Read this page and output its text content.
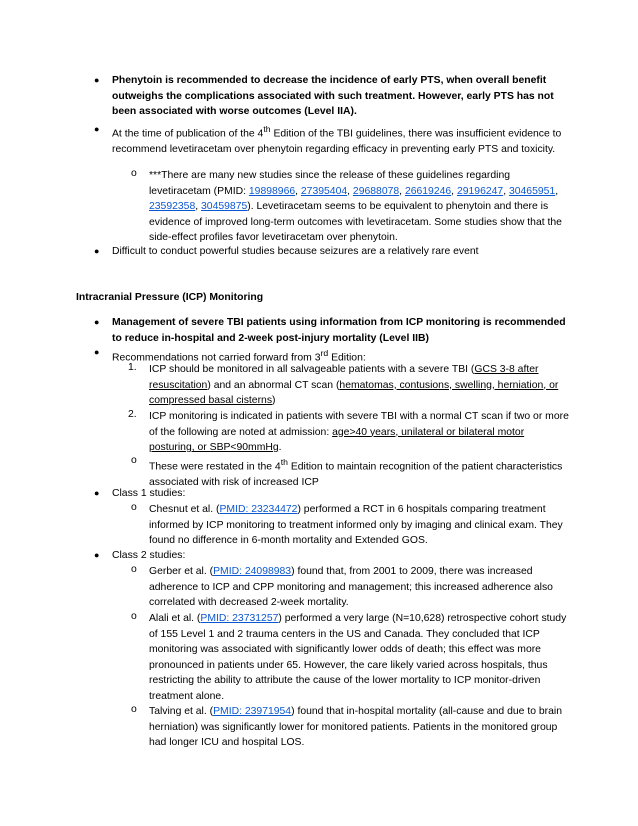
● Phenytoin is recommended to decrease the incidence of early PTS, when overall benefit outweighs the complications associated with such treatment. However, early PTS has not been associated with worse outcomes (Level IIA).
● At the time of publication of the 4th Edition of the TBI guidelines, there was insufficient evidence to recommend levetiracetam over phenytoin regarding efficacy in preventing early PTS and toxicity.
o ***There are many new studies since the release of these guidelines regarding levetiracetam (PMID: 19898966, 27395404, 29688078, 26619246, 29196247, 30465951, 23592358, 30459875). Levetiracetam seems to be equivalent to phenytoin and there is evidence of improved long-term outcomes with levetiracetam. Some studies show that the side-effect profiles favor levetiracetam over phenytoin.
● Difficult to conduct powerful studies because seizures are a relatively rare event
Intracranial Pressure (ICP) Monitoring
● Management of severe TBI patients using information from ICP monitoring is recommended to reduce in-hospital and 2-week post-injury mortality (Level IIB)
●
Recommendations not carried forward from 3rd Edition:
1. ICP should be monitored in all salvageable patients with a severe TBI (GCS 3-8 after resuscitation) and an abnormal CT scan (hematomas, contusions, swelling, herniation, or compressed basal cisterns)
2. ICP monitoring is indicated in patients with severe TBI with a normal CT scan if two or more of the following are noted at admission: age>40 years, unilateral or bilateral motor posturing, or SBP<90mmHg.
o
These were restated in the 4th Edition to maintain recognition of the patient characteristics associated with risk of increased ICP
● Class 1 studies:
o Chesnut et al. (PMID: 23234472) performed a RCT in 6 hospitals comparing treatment informed by ICP monitoring to treatment informed only by imaging and clinical exam. They found no difference in 6-month mortality and Extended GOS.
● Class 2 studies:
o Gerber et al. (PMID: 24098983) found that, from 2001 to 2009, there was increased adherence to ICP and CPP monitoring and management; this increased adherence also correlated with decreased 2-week mortality.
o Alali et al. (PMID: 23731257) performed a very large (N=10,628) retrospective cohort study of 155 Level 1 and 2 trauma centers in the US and Canada. They concluded that ICP monitoring was associated with significantly lower odds of death; this effect was more pronounced in patients under 65. However, the care likely varied across hospitals, thus restricting the ability to attribute the cause of the lower mortality to ICP monitor-driven treatment alone.
o Talving et al. (PMID: 23971954) found that in-hospital mortality (all-cause and due to brain herniation) was significantly lower for monitored patients. Patients in the monitored group had longer ICU and hospital LOS.
